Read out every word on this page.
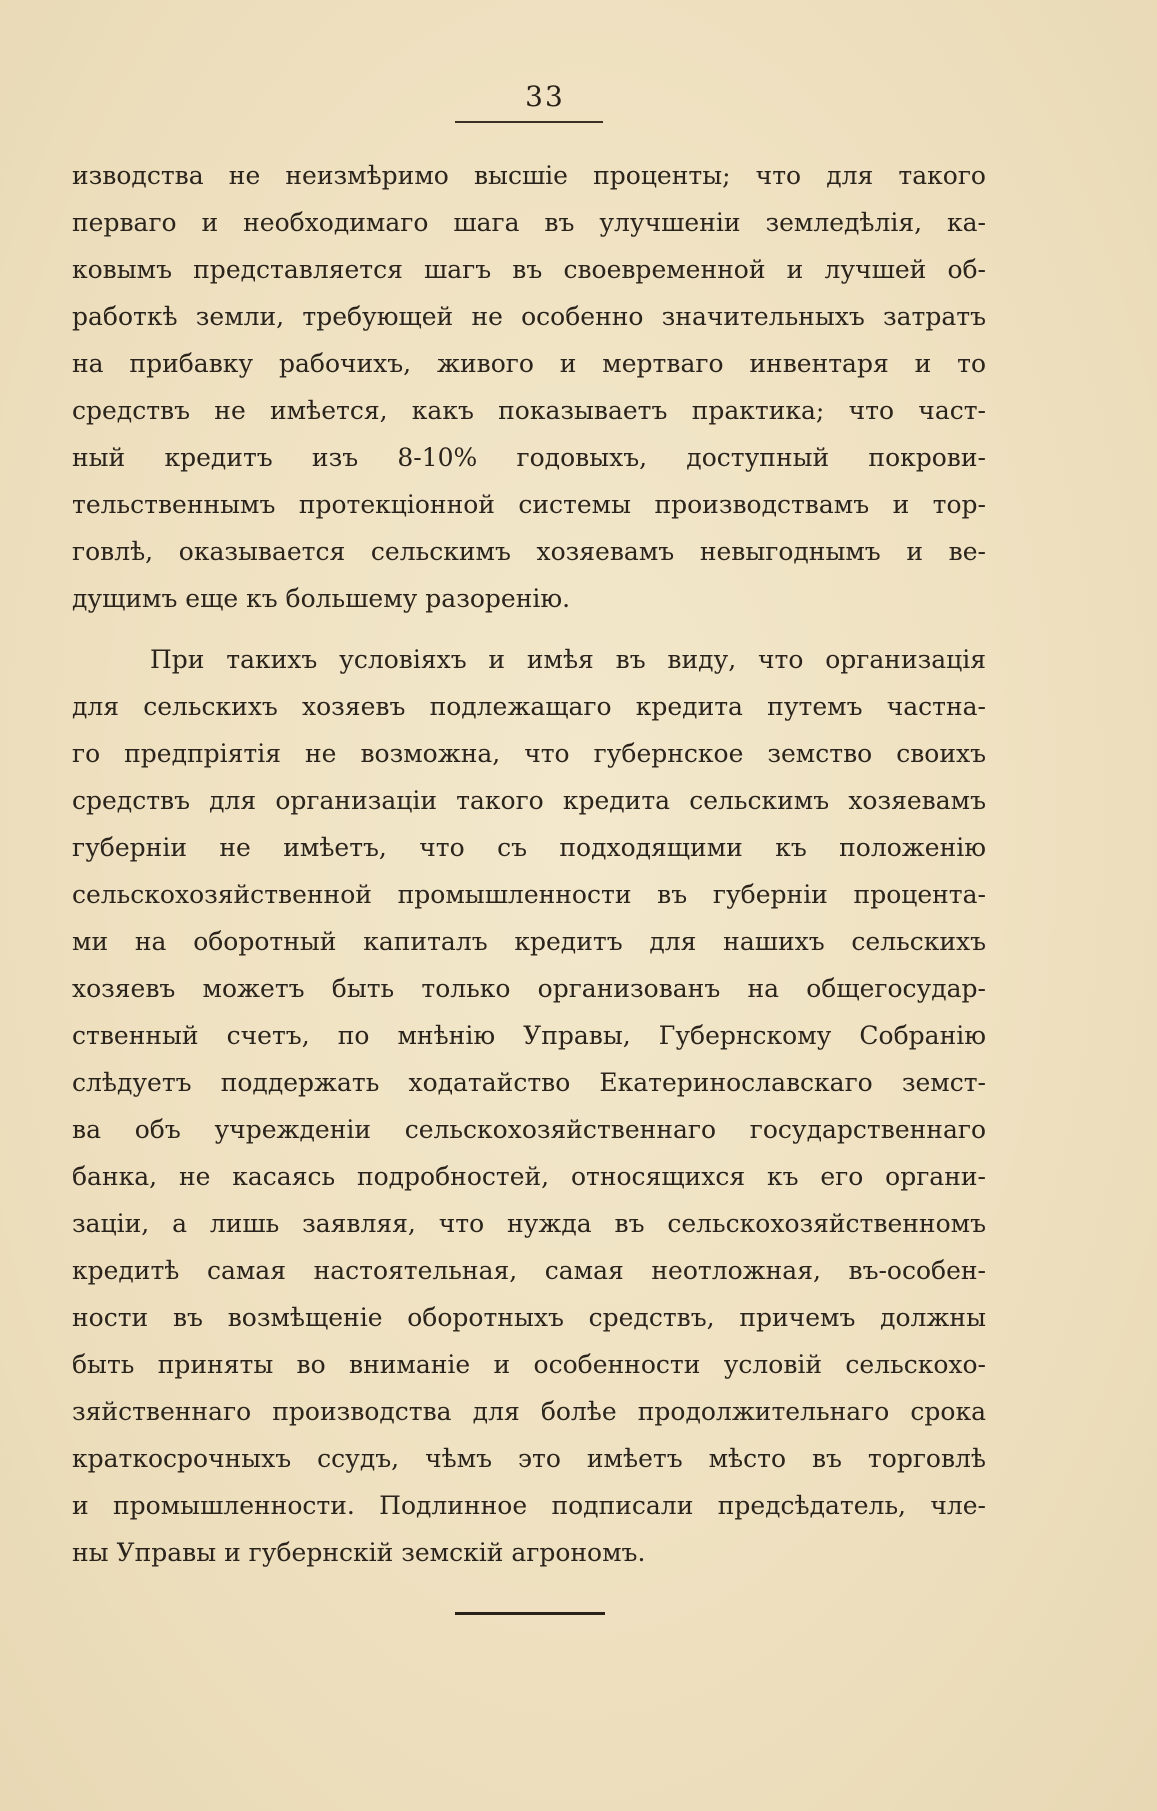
33
изводства не неизмѣримо высшіе проценты; что для такого
перваго и необходимаго шага въ улучшеніи земледѣлія, ка-
ковымъ представляется шагъ въ своевременной и лучшей об-
работкѣ земли, требующей не особенно значительныхъ затратъ
на прибавку рабочихъ, живого и мертваго инвентаря и то
средствъ не имѣется, какъ показываетъ практика; что част-
ный кредитъ изъ 8-10% годовыхъ, доступный покрови-
тельственнымъ протекціонной системы производствамъ и тор-
говлѣ, оказывается сельскимъ хозяевамъ невыгоднымъ и ве-
дущимъ еще къ большему разоренію.
При такихъ условіяхъ и имѣя въ виду, что организація
для сельскихъ хозяевъ подлежащаго кредита путемъ частна-
го предпріятія не возможна, что губернское земство своихъ
средствъ для организаціи такого кредита сельскимъ хозяевамъ
губерніи не имѣетъ, что съ подходящими къ положенію
сельскохозяйственной промышленности въ губерніи процента-
ми на оборотный капиталъ кредитъ для нашихъ сельскихъ
хозяевъ можетъ быть только организованъ на общегосудар-
ственный счетъ, по мнѣнію Управы, Губернскому Собранію
слѣдуетъ поддержать ходатайство Екатеринославскаго земст-
ва объ учрежденіи сельскохозяйственнаго государственнаго
банка, не касаясь подробностей, относящихся къ его органи-
заціи, а лишь заявляя, что нужда въ сельскохозяйственномъ
кредитѣ самая настоятельная, самая неотложная, въ-особен-
ности въ возмѣщеніе оборотныхъ средствъ, причемъ должны
быть приняты во вниманіе и особенности условій сельскохо-
зяйственнаго производства для болѣе продолжительнаго срока
краткосрочныхъ ссудъ, чѣмъ это имѣетъ мѣсто въ торговлѣ
и промышленности. Подлинное подписали предсѣдатель, чле-
ны Управы и губернскій земскій агрономъ.
